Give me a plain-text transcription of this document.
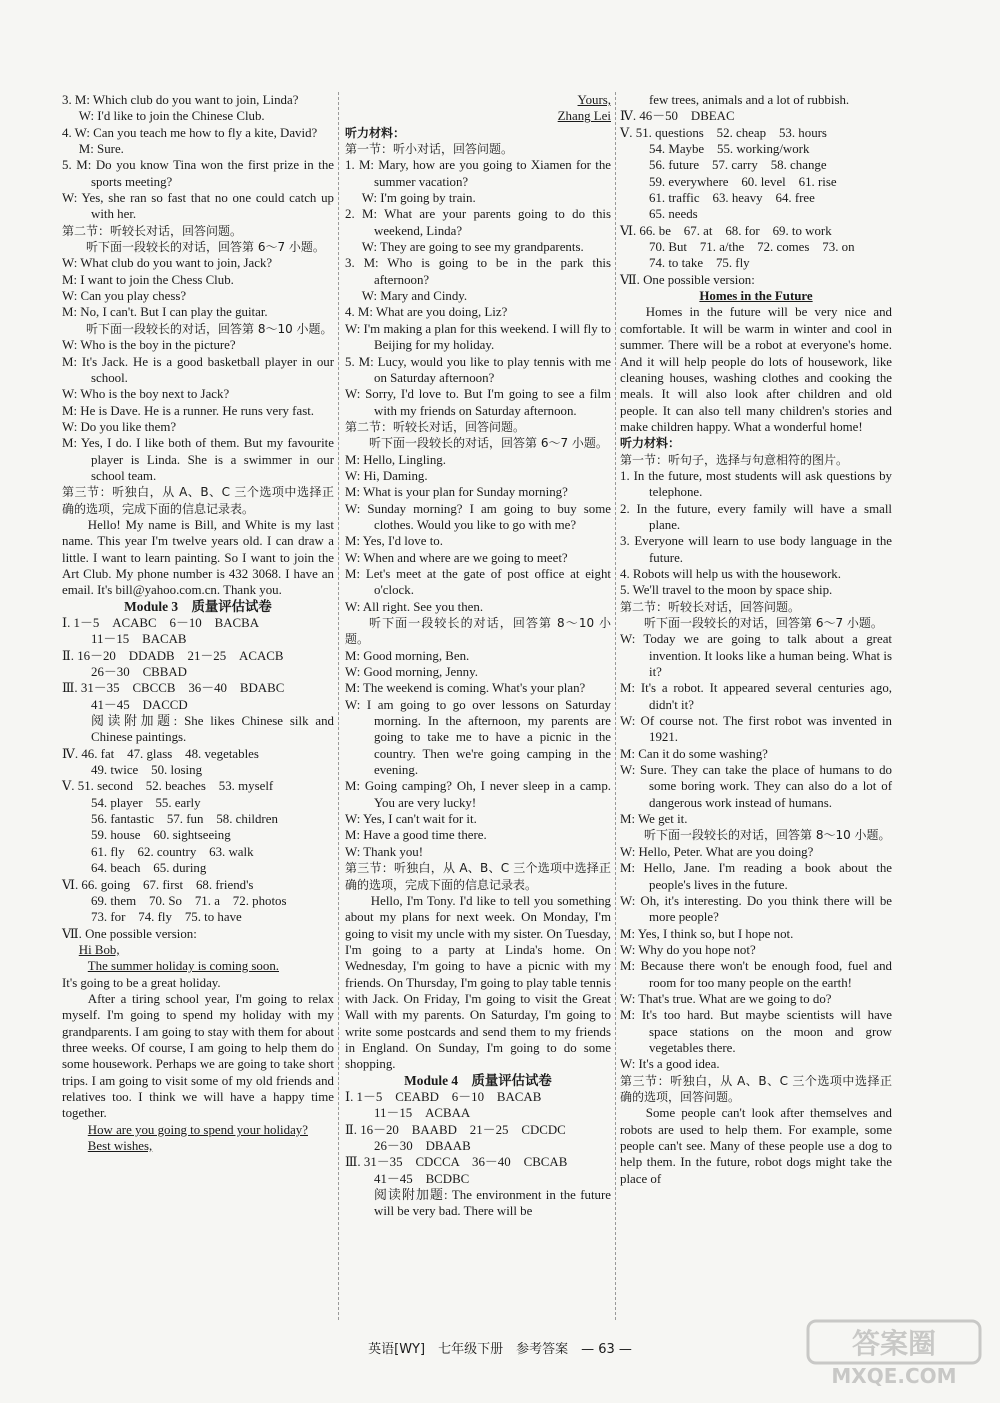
3. M: Which club do you want to join, Linda?
W: I'd like to join the Chinese Club.
4. W: Can you teach me how to fly a kite, David?
M: Sure.
5. M: Do you know Tina won the first prize in the sports meeting?
W: Yes, she ran so fast that no one could catch up with her.
第二节：听较长对话，回答问题。
听下面一段较长的对话，回答第 6～7 小题。
W: What club do you want to join, Jack?
M: I want to join the Chess Club.
W: Can you play chess?
M: No, I can't. But I can play the guitar.
听下面一段较长的对话，回答第 8～10 小题。
W: Who is the boy in the picture?
M: It's Jack. He is a good basketball player in our school.
W: Who is the boy next to Jack?
M: He is Dave. He is a runner. He runs very fast.
W: Do you like them?
M: Yes, I do. I like both of them. But my favourite player is Linda. She is a swimmer in our school team.
第三节：听独白，从 A、B、C 三个选项中选择正确的选项，完成下面的信息记录表。
Hello! My name is Bill, and White is my last name. This year I'm twelve years old. I can draw a little. I want to learn painting. So I want to join the Art Club. My phone number is 432 3068. I have an email. It's bill@yahoo.com.cn. Thank you.
Module 3　质量评估试卷
Ⅰ. 1－5　ACABC　6－10　BACBA
11－15　BACAB
Ⅱ. 16－20　DDADB　21－25　ACACB
26－30　CBBAD
Ⅲ. 31－35　CBCCB　36－40　BDABC
41－45　DACCD
阅读附加题: She likes Chinese silk and Chinese paintings.
Ⅳ. 46. fat　47. glass　48. vegetables
49. twice　50. losing
Ⅴ. 51. second　52. beaches　53. myself
54. player　55. early
56. fantastic　57. fun　58. children
59. house　60. sightseeing
61. fly　62. country　63. walk
64. beach　65. during
Ⅵ. 66. going　67. first　68. friend's
69. them　70. So　71. a　72. photos
73. for　74. fly　75. to have
Ⅶ. One possible version:
Hi Bob,
The summer holiday is coming soon.
It's going to be a great holiday.
After a tiring school year, I'm going to relax myself. I'm going to spend my holiday with my grandparents. I am going to stay with them for about three weeks. Of course, I am going to help them do some housework. Perhaps we are going to take short trips. I am going to visit some of my old friends and relatives too. I think we will have a happy time together.
How are you going to spend your holiday?
Best wishes,
Yours,
Zhang Lei
听力材料：
第一节：听小对话，回答问题。
1. M: Mary, how are you going to Xiamen for the summer vacation?
W: I'm going by train.
2. M: What are your parents going to do this weekend, Linda?
W: They are going to see my grandparents.
3. M: Who is going to be in the park this afternoon?
W: Mary and Cindy.
4. M: What are you doing, Liz?
W: I'm making a plan for this weekend. I will fly to Beijing for my holiday.
5. M: Lucy, would you like to play tennis with me on Saturday afternoon?
W: Sorry, I'd love to. But I'm going to see a film with my friends on Saturday afternoon.
第二节：听较长对话，回答问题。
听下面一段较长的对话，回答第 6～7 小题。
M: Hello, Lingling.
W: Hi, Daming.
M: What is your plan for Sunday morning?
W: Sunday morning? I am going to buy some clothes. Would you like to go with me?
M: Yes, I'd love to.
W: When and where are we going to meet?
M: Let's meet at the gate of post office at eight o'clock.
W: All right. See you then.
听下面一段较长的对话，回答第 8～10 小题。
M: Good morning, Ben.
W: Good morning, Jenny.
M: The weekend is coming. What's your plan?
W: I am going to go over lessons on Saturday morning. In the afternoon, my parents are going to take me to have a picnic in the country. Then we're going camping in the evening.
M: Going camping? Oh, I never sleep in a camp. You are very lucky!
W: Yes, I can't wait for it.
M: Have a good time there.
W: Thank you!
第三节：听独白，从 A、B、C 三个选项中选择正确的选项，完成下面的信息记录表。
Hello, I'm Tony. I'd like to tell you something about my plans for next week. On Monday, I'm going to visit my uncle with my sister. On Tuesday, I'm going to a party at Linda's home. On Wednesday, I'm going to have a picnic with my friends. On Thursday, I'm going to play table tennis with Jack. On Friday, I'm going to visit the Great Wall with my parents. On Saturday, I'm going to write some postcards and send them to my friends in England. On Sunday, I'm going to do some shopping.
Module 4　质量评估试卷
Ⅰ. 1－5　CEABD　6－10　BACAB
11－15　ACBAA
Ⅱ. 16－20　BAABD　21－25　CDCDC
26－30　DBAAB
Ⅲ. 31－35　CDCCA　36－40　CBCAB
41－45　BCDBC
阅读附加题: The environment in the future will be very bad. There will be
few trees, animals and a lot of rubbish.
Ⅳ. 46－50　DBEAC
Ⅴ. 51. questions　52. cheap　53. hours
54. Maybe　55. working/work
56. future　57. carry　58. change
59. everywhere　60. level　61. rise
61. traffic　63. heavy　64. free
65. needs
Ⅵ. 66. be　67. at　68. for　69. to work
70. But　71. a/the　72. comes　73. on
74. to take　75. fly
Ⅶ. One possible version:
Homes in the Future
Homes in the future will be very nice and comfortable. It will be warm in winter and cool in summer. There will be a robot at everyone's home. And it will help people do lots of housework, like cleaning houses, washing clothes and cooking the meals. It will also look after children and old people. It can also tell many children's stories and make children happy. What a wonderful home!
听力材料：
第一节：听句子，选择与句意相符的图片。
1. In the future, most students will ask questions by telephone.
2. In the future, every family will have a small plane.
3. Everyone will learn to use body language in the future.
4. Robots will help us with the housework.
5. We'll travel to the moon by space ship.
第二节：听较长对话，回答问题。
听下面一段较长的对话，回答第 6～7 小题。
W: Today we are going to talk about a great invention. It looks like a human being. What is it?
M: It's a robot. It appeared several centuries ago, didn't it?
W: Of course not. The first robot was invented in 1921.
M: Can it do some washing?
W: Sure. They can take the place of humans to do some boring work. They can also do a lot of dangerous work instead of humans.
M: We get it.
听下面一段较长的对话，回答第 8～10 小题。
W: Hello, Peter. What are you doing?
M: Hello, Jane. I'm reading a book about the people's lives in the future.
W: Oh, it's interesting. Do you think there will be more people?
M: Yes, I think so, but I hope not.
W: Why do you hope not?
M: Because there won't be enough food, fuel and room for too many people on the earth!
W: That's true. What are we going to do?
M: It's too hard. But maybe scientists will have space stations on the moon and grow vegetables there.
W: It's a good idea.
第三节：听独白，从 A、B、C 三个选项中选择正确的选项，回答问题。
Some people can't look after themselves and robots are used to help them. For example, some people can't see. Many of these people use a dog to help them. In the future, robot dogs might take the place of
英语[WY]　七年级下册　参考答案　— 63 —	答案圈
MXQE.COM
